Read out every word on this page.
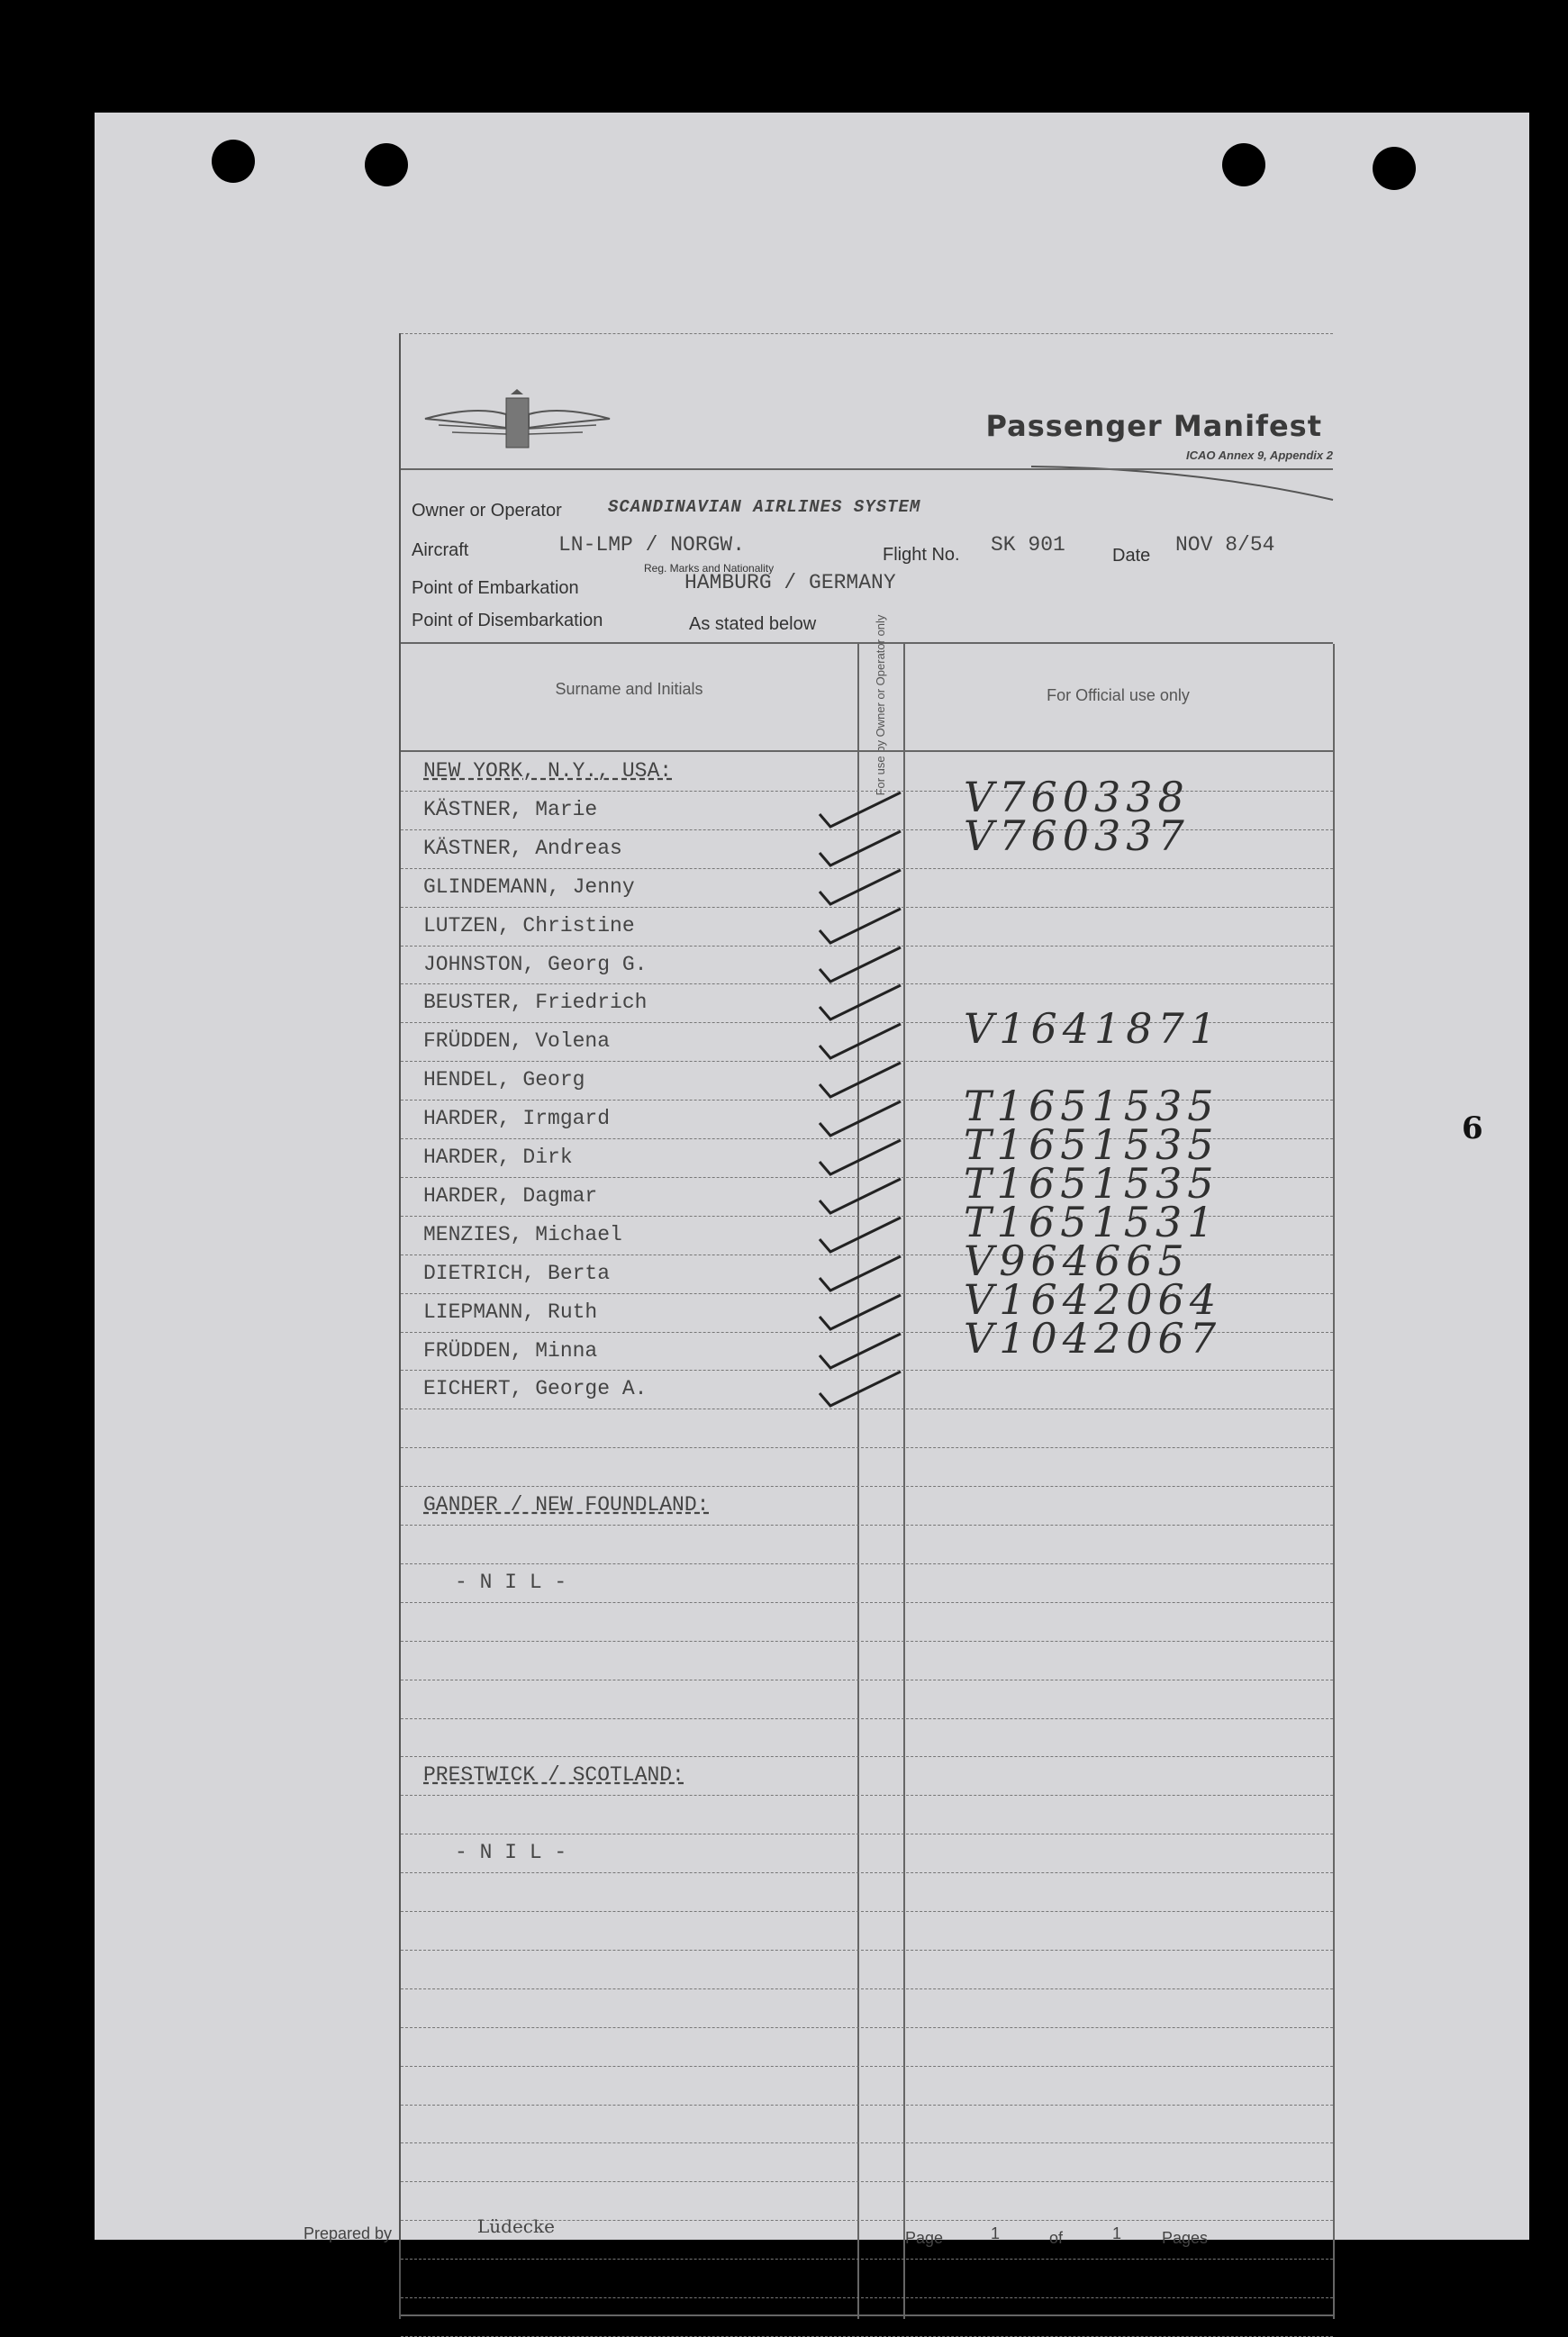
6
Passenger Manifest
ICAO Annex 9, Appendix 2
Owner or Operator	SCANDINAVIAN AIRLINES SYSTEM
Aircraft	LN-LMP / NORGW.
Reg. Marks and Nationality
Flight No. SK 901	Date NOV 8/54
Point of Embarkation	HAMBURG / GERMANY
Point of Disembarkation	As stated below
Surname and Initials	For use by Owner or Operator only	For Official use only
NEW YORK, N.Y., USA:
KÄSTNER, Marie	V760338
KÄSTNER, Andreas	V760337
GLINDEMANN, Jenny
LUTZEN, Christine
JOHNSTON, Georg G.
BEUSTER, Friedrich
FRÜDDEN, Volena	V1641871
HENDEL, Georg
HARDER, Irmgard	T1651535
HARDER, Dirk	T1651535
HARDER, Dagmar	T1651535
MENZIES, Michael	T1651531
DIETRICH, Berta	V964665
LIEPMANN, Ruth	V1642064
FRÜDDEN, Minna	V1042067
EICHERT, George A.
GANDER / NEW FOUNDLAND:
- N I L -
PRESTWICK / SCOTLAND:
- N I L -
Prepared by	Lüdecke
Page	1	of	1 Pages
